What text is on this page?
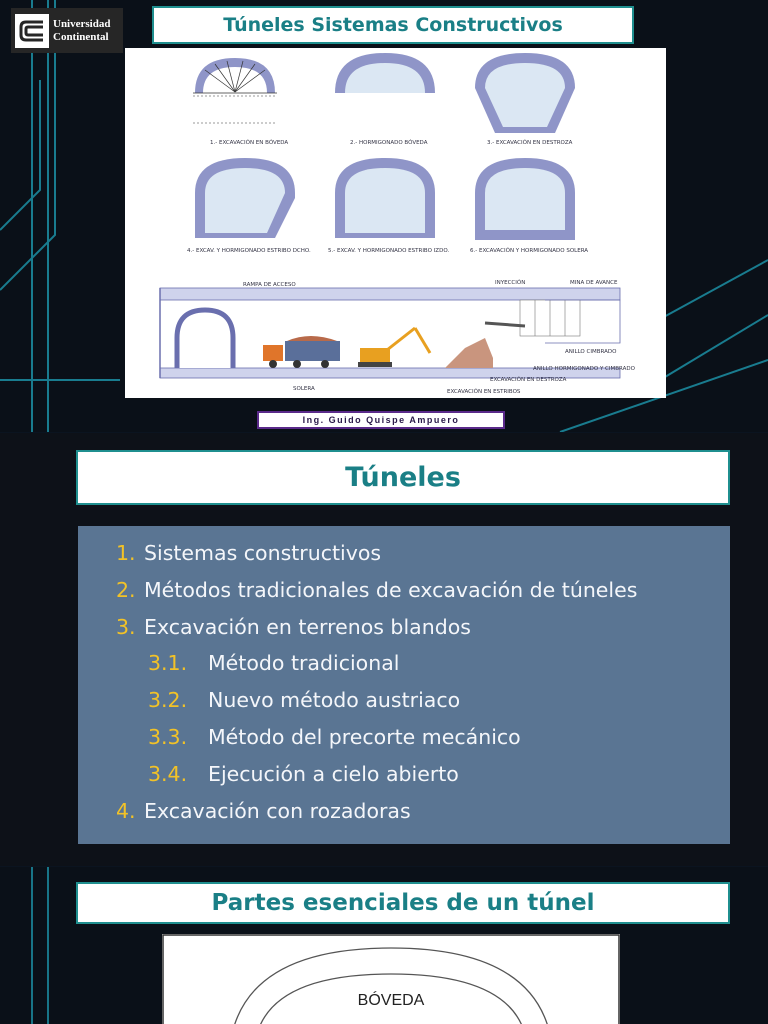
Universidad
Continental
Túneles Sistemas Constructivos
1.- EXCAVACIÓN EN BÓVEDA	2.- HORMIGONADO BÓVEDA	3.- EXCAVACIÓN EN DESTROZA
4.- EXCAV. Y HORMIGONADO ESTRIBO DCHO.	5.- EXCAV. Y HORMIGONADO ESTRIBO IZDO.	6.- EXCAVACIÓN Y HORMIGONADO SOLERA
RAMPA DE ACCESO	INYECCIÓN	MINA DE AVANCE
ANILLO CIMBRADO
ANILLO HORMIGONADO Y CIMBRADO
EXCAVACIÓN EN DESTROZA
EXCAVACIÓN EN ESTRIBOS
SOLERA
Ing. Guido Quispe Ampuero
Túneles
1. Sistemas constructivos
2. Métodos tradicionales de excavación de túneles
3. Excavación en terrenos blandos
3.1. Método tradicional
3.2. Nuevo método austriaco
3.3. Método del precorte mecánico
3.4. Ejecución a cielo abierto
4. Excavación con rozadoras
Partes esenciales de un túnel
BÓVEDA
